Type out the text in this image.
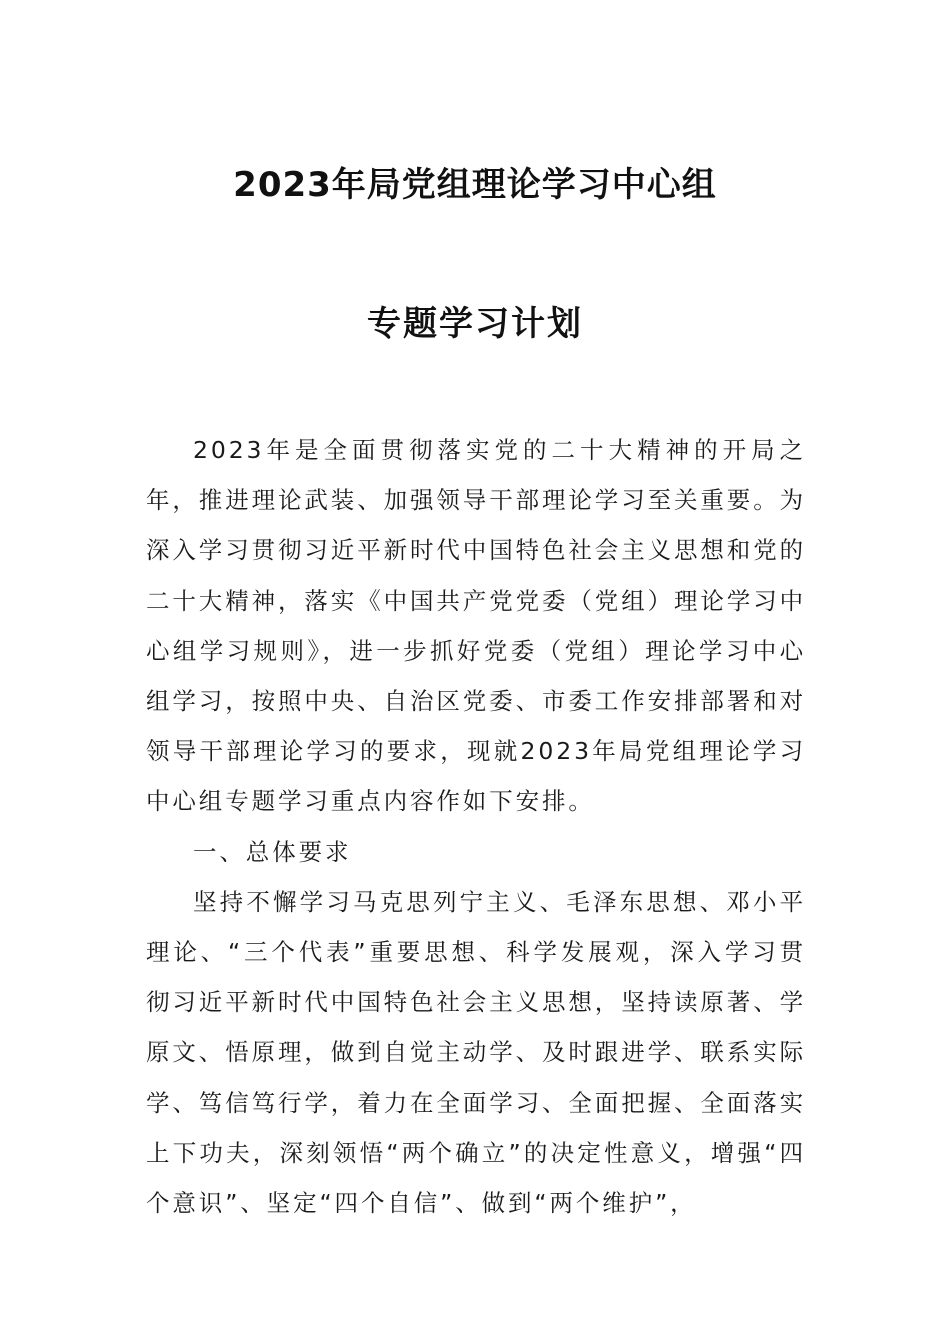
2023年局党组理论学习中心组
专题学习计划

2023年是全面贯彻落实党的二十大精神的开局之年，推进理论武装、加强领导干部理论学习至关重要。为深入学习贯彻习近平新时代中国特色社会主义思想和党的二十大精神，落实《中国共产党党委（党组）理论学习中心组学习规则》，进一步抓好党委（党组）理论学习中心组学习，按照中央、自治区党委、市委工作安排部署和对领导干部理论学习的要求，现就2023年局党组理论学习中心组专题学习重点内容作如下安排。

一、总体要求

坚持不懈学习马克思列宁主义、毛泽东思想、邓小平理论、“三个代表”重要思想、科学发展观，深入学习贯彻习近平新时代中国特色社会主义思想，坚持读原著、学原文、悟原理，做到自觉主动学、及时跟进学、联系实际学、笃信笃行学，着力在全面学习、全面把握、全面落实上下功夫，深刻领悟“两个确立”的决定性意义，增强“四个意识”、坚定“四个自信”、做到“两个维护”，
